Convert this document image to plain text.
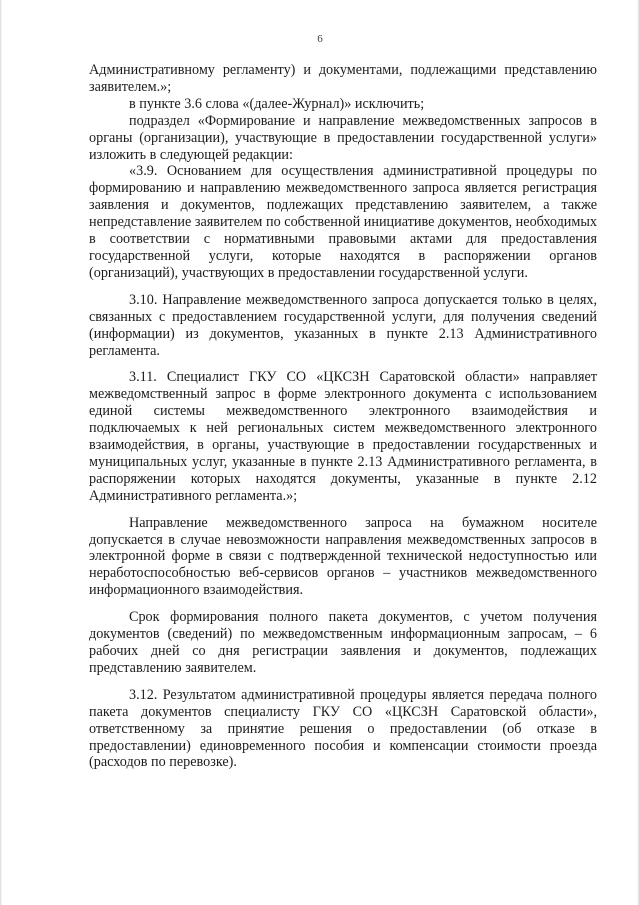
6

Административному регламенту) и документами, подлежащими представлению заявителем.»;

в пункте 3.6 слова «(далее-Журнал)» исключить;

подраздел «Формирование и направление межведомственных запросов в органы (организации), участвующие в предоставлении государственной услуги» изложить в следующей редакции:

«3.9. Основанием для осуществления административной процедуры по формированию и направлению межведомственного запроса является регистрация заявления и документов, подлежащих представлению заявителем, а также непредставление заявителем по собственной инициативе документов, необходимых в соответствии с нормативными правовыми актами для предоставления государственной услуги, которые находятся в распоряжении органов (организаций), участвующих в предоставлении государственной услуги.

3.10. Направление межведомственного запроса допускается только в целях, связанных с предоставлением государственной услуги, для получения сведений (информации) из документов, указанных в пункте 2.13 Административного регламента.

3.11. Специалист ГКУ СО «ЦКСЗН Саратовской области» направляет межведомственный запрос в форме электронного документа с использованием единой системы межведомственного электронного взаимодействия и подключаемых к ней региональных систем межведомственного электронного взаимодействия, в органы, участвующие в предоставлении государственных и муниципальных услуг, указанные в пункте 2.13 Административного регламента, в распоряжении которых находятся документы, указанные в пункте 2.12 Административного регламента.»;

Направление межведомственного запроса на бумажном носителе допускается в случае невозможности направления межведомственных запросов в электронной форме в связи с подтвержденной технической недоступностью или неработоспособностью веб-сервисов органов – участников межведомственного информационного взаимодействия.

Срок формирования полного пакета документов, с учетом получения документов (сведений) по межведомственным информационным запросам, – 6 рабочих дней со дня регистрации заявления и документов, подлежащих представлению заявителем.

3.12. Результатом административной процедуры является передача полного пакета документов специалисту ГКУ СО «ЦКСЗН Саратовской области», ответственному за принятие решения о предоставлении (об отказе в предоставлении) единовременного пособия и компенсации стоимости проезда (расходов по перевозке).
